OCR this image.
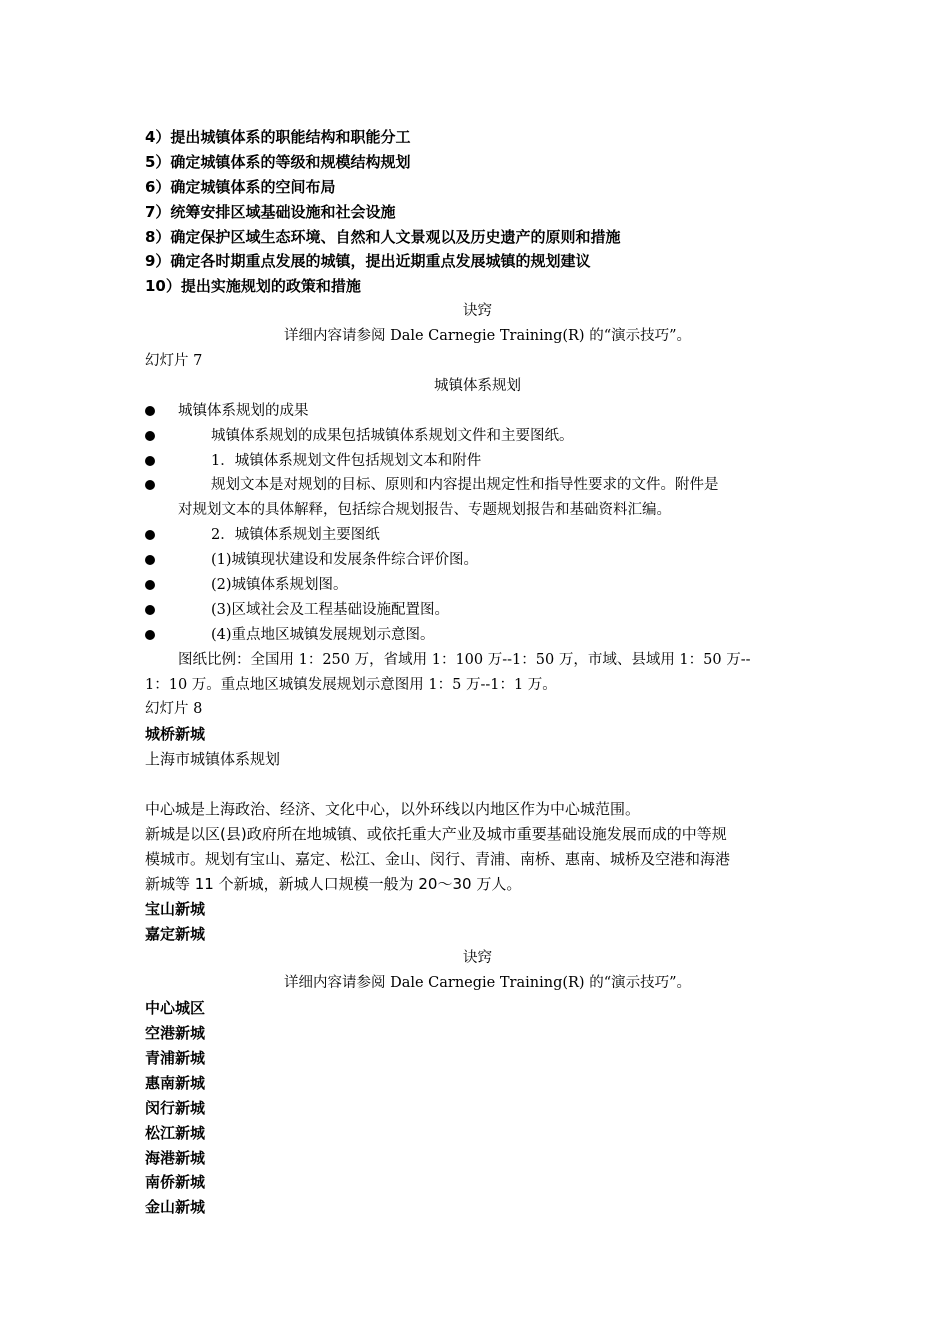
4）提出城镇体系的职能结构和职能分工
5）确定城镇体系的等级和规模结构规划
6）确定城镇体系的空间布局
7）统筹安排区域基础设施和社会设施
8）确定保护区域生态环境、自然和人文景观以及历史遗产的原则和措施
9）确定各时期重点发展的城镇，提出近期重点发展城镇的规划建议
10）提出实施规划的政策和措施
诀窍
详细内容请参阅 Dale Carnegie Training(R) 的“演示技巧”。
幻灯片 7
城镇体系规划
城镇体系规划的成果
城镇体系规划的成果包括城镇体系规划文件和主要图纸。
1．城镇体系规划文件包括规划文本和附件
规划文本是对规划的目标、原则和内容提出规定性和指导性要求的文件。附件是
对规划文本的具体解释，包括综合规划报告、专题规划报告和基础资料汇编。
2．城镇体系规划主要图纸
(1)城镇现状建设和发展条件综合评价图。
(2)城镇体系规划图。
(3)区域社会及工程基础设施配置图。
(4)重点地区城镇发展规划示意图。
图纸比例：全国用 1：250 万，省域用 1：100 万--1：50 万，市域、县域用 1：50 万--
1：10 万。重点地区城镇发展规划示意图用 1：5 万--1：1 万。
幻灯片 8
城桥新城
上海市城镇体系规划
中心城是上海政治、经济、文化中心，以外环线以内地区作为中心城范围。
新城是以区(县)政府所在地城镇、或依托重大产业及城市重要基础设施发展而成的中等规
模城市。规划有宝山、嘉定、松江、金山、闵行、青浦、南桥、惠南、城桥及空港和海港
新城等 11 个新城，新城人口规模一般为 20～30 万人。
宝山新城
嘉定新城
诀窍
详细内容请参阅 Dale Carnegie Training(R) 的“演示技巧”。
中心城区
空港新城
青浦新城
惠南新城
闵行新城
松江新城
海港新城
南侨新城
金山新城
